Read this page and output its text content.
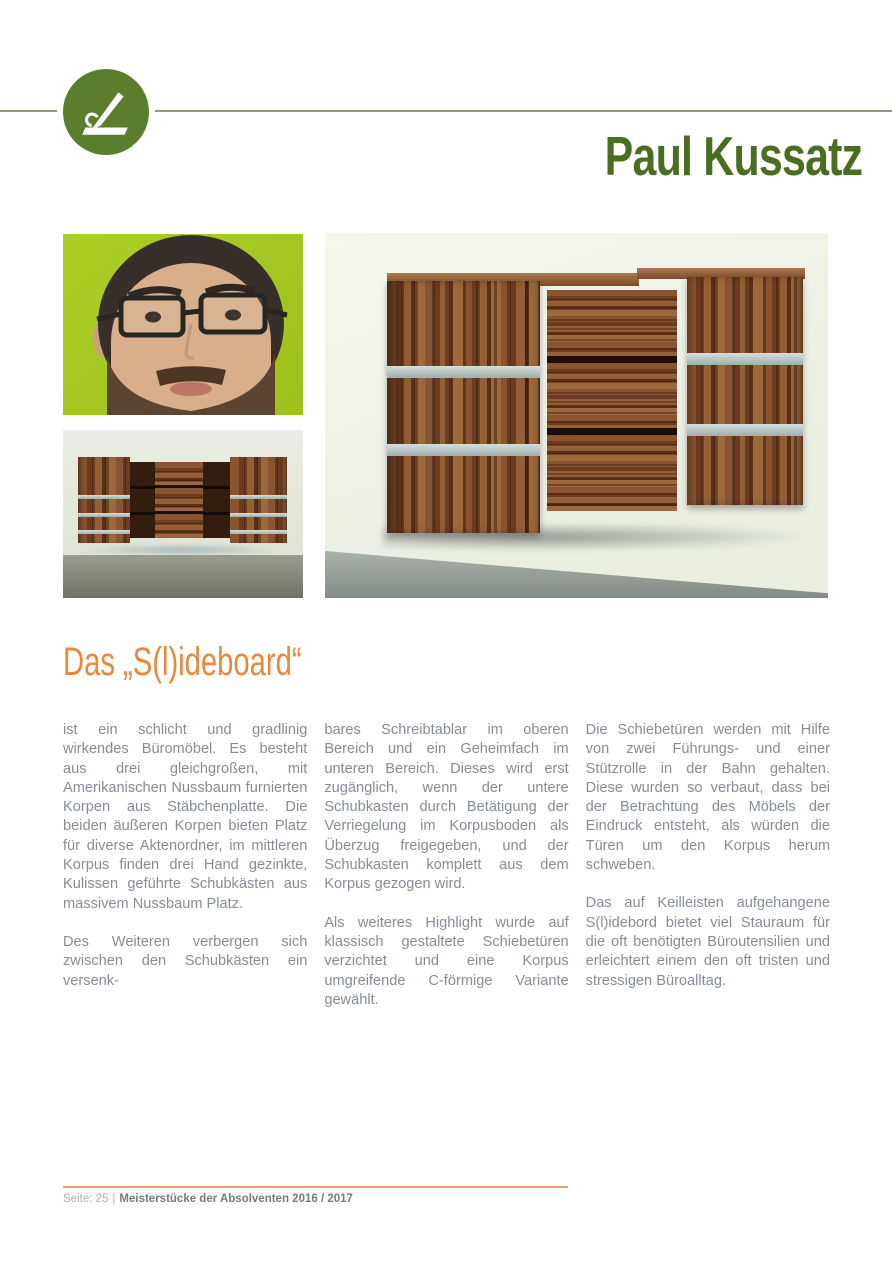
Paul Kussatz
Das „S(l)ideboard“

ist ein schlicht und gradlinig wirkendes Büromöbel. Es besteht aus drei gleichgroßen, mit Amerikanischen Nussbaum furnierten Korpen aus Stäbchenplatte. Die beiden äußeren Korpen bieten Platz für diverse Aktenordner, im mittleren Korpus finden drei Hand gezinkte, Kulissen geführte Schubkästen aus massivem Nussbaum Platz.

Des Weiteren verbergen sich zwischen den Schubkästen ein versenk-

bares Schreibtablar im oberen Bereich und ein Geheimfach im unteren Bereich. Dieses wird erst zugänglich, wenn der untere Schubkasten durch Betätigung der Verriegelung im Korpusboden als Überzug freigegeben, und der Schubkasten komplett aus dem Korpus gezogen wird.

Als weiteres Highlight wurde auf klassisch gestaltete Schiebetüren verzichtet und eine Korpus umgreifende C-förmige Variante gewählt.

Die Schiebetüren werden mit Hilfe von zwei Führungs- und einer Stützrolle in der Bahn gehalten. Diese wurden so verbaut, dass bei der Betrachtung des Möbels der Eindruck entsteht, als würden die Türen um den Korpus herum schweben.

Das auf Keilleisten aufgehangene S(l)idebord bietet viel Stauraum für die oft benötigten Büroutensilien und erleichtert einem den oft tristen und stressigen Büroalltag.

Seite: 25 | Meisterstücke der Absolventen 2016 / 2017
